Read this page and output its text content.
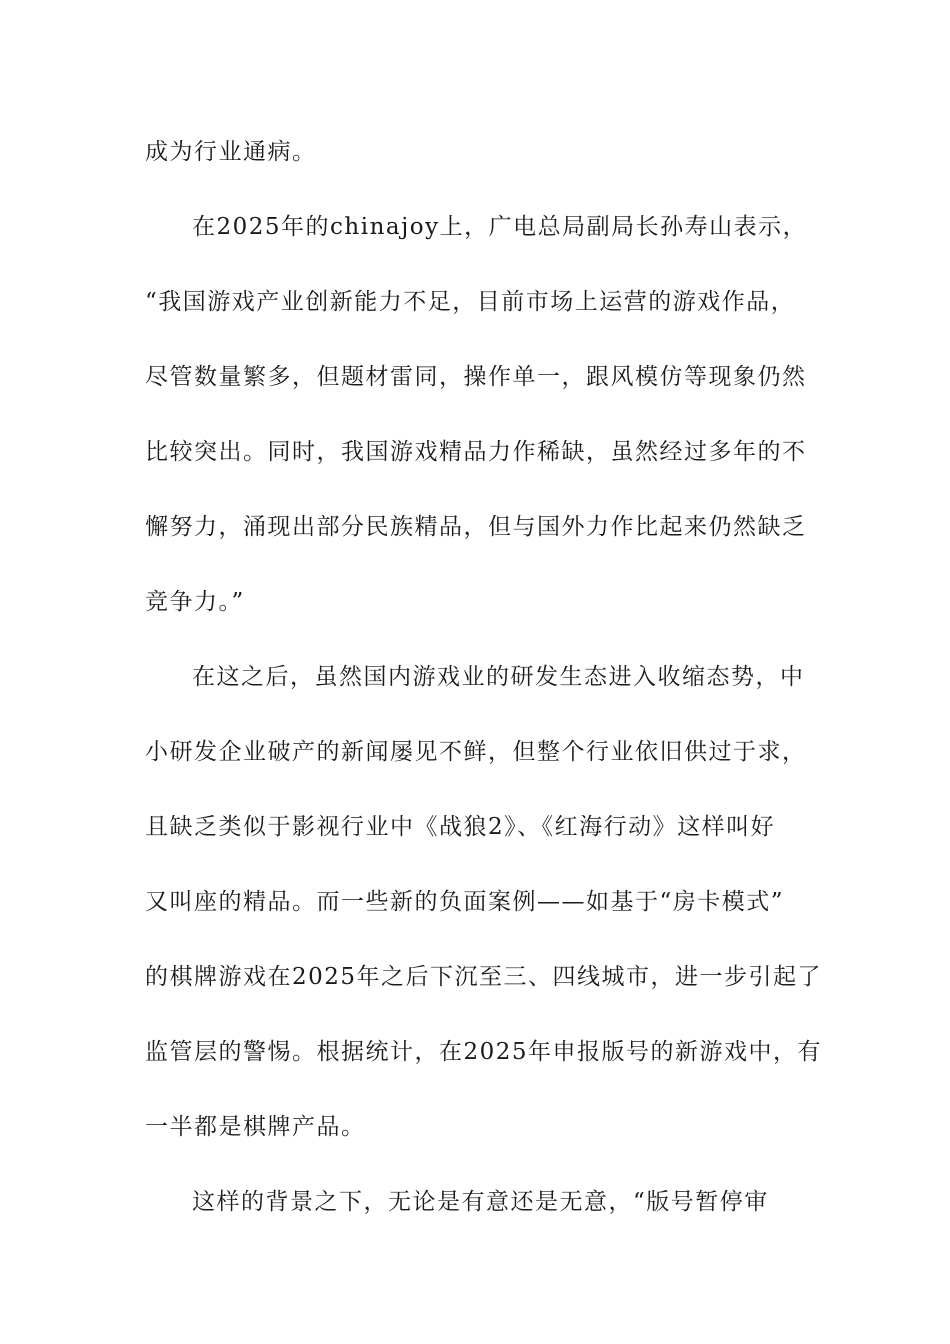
成为行业通病。
在2025年的chinajoy上，广电总局副局长孙寿山表示，
“我国游戏产业创新能力不足，目前市场上运营的游戏作品，
尽管数量繁多，但题材雷同，操作单一，跟风模仿等现象仍然
比较突出。同时，我国游戏精品力作稀缺，虽然经过多年的不
懈努力，涌现出部分民族精品，但与国外力作比起来仍然缺乏
竞争力。”
在这之后，虽然国内游戏业的研发生态进入收缩态势，中
小研发企业破产的新闻屡见不鲜，但整个行业依旧供过于求，
且缺乏类似于影视行业中《战狼2》、《红海行动》这样叫好
又叫座的精品。而一些新的负面案例——如基于“房卡模式”
的棋牌游戏在2025年之后下沉至三、四线城市，进一步引起了
监管层的警惕。根据统计，在2025年申报版号的新游戏中，有
一半都是棋牌产品。
这样的背景之下，无论是有意还是无意，“版号暂停审
